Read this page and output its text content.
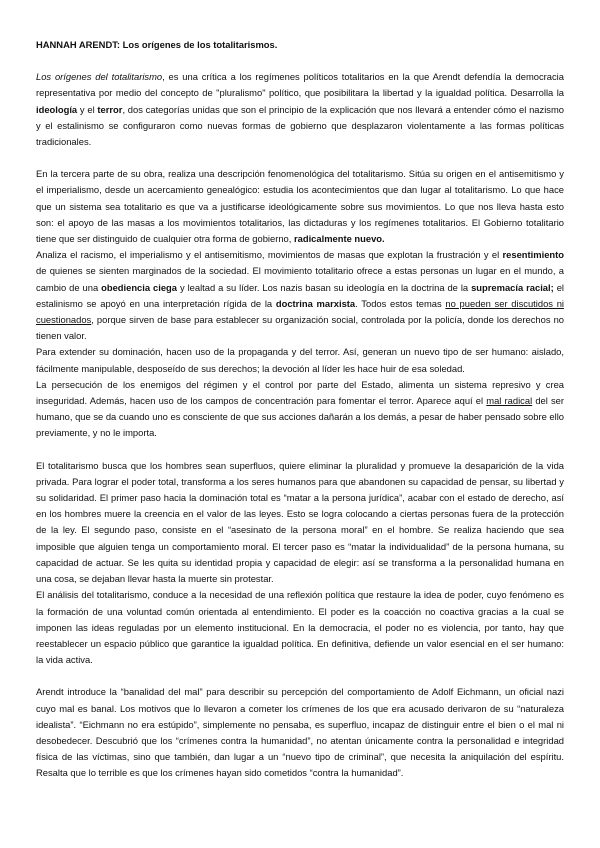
HANNAH ARENDT: Los orígenes de los totalitarismos.

Los orígenes del totalitarismo, es una crítica a los regímenes políticos totalitarios en la que Arendt defendía la democracia representativa por medio del concepto de "pluralismo" político, que posibilitara la libertad y la igualdad política. Desarrolla la ideología y el terror, dos categorías unidas que son el principio de la explicación que nos llevará a entender cómo el nazismo y el estalinismo se configuraron como nuevas formas de gobierno que desplazaron violentamente a las formas políticas tradicionales.

En la tercera parte de su obra, realiza una descripción fenomenológica del totalitarismo. Sitúa su origen en el antisemitismo y el imperialismo, desde un acercamiento genealógico: estudia los acontecimientos que dan lugar al totalitarismo. Lo que hace que un sistema sea totalitario es que va a justificarse ideológicamente sobre sus movimientos. Lo que nos lleva hasta esto son: el apoyo de las masas a los movimientos totalitarios, las dictaduras y los regímenes totalitarios. El Gobierno totalitario tiene que ser distinguido de cualquier otra forma de gobierno, radicalmente nuevo.

Analiza el racismo, el imperialismo y el antisemitismo, movimientos de masas que explotan la frustración y el resentimiento de quienes se sienten marginados de la sociedad. El movimiento totalitario ofrece a estas personas un lugar en el mundo, a cambio de una obediencia ciega y lealtad a su líder. Los nazis basan su ideología en la doctrina de la supremacía racial; el estalinismo se apoyó en una interpretación rígida de la doctrina marxista. Todos estos temas no pueden ser discutidos ni cuestionados, porque sirven de base para establecer su organización social, controlada por la policía, donde los derechos no tienen valor.

Para extender su dominación, hacen uso de la propaganda y del terror. Así, generan un nuevo tipo de ser humano: aislado, fácilmente manipulable, desposeído de sus derechos; la devoción al líder les hace huir de esa soledad.

La persecución de los enemigos del régimen y el control por parte del Estado, alimenta un sistema represivo y crea inseguridad. Además, hacen uso de los campos de concentración para fomentar el terror. Aparece aquí el mal radical del ser humano, que se da cuando uno es consciente de que sus acciones dañarán a los demás, a pesar de haber pensado sobre ello previamente, y no le importa.

El totalitarismo busca que los hombres sean superfluos, quiere eliminar la pluralidad y promueve la desaparición de la vida privada. Para lograr el poder total, transforma a los seres humanos para que abandonen su capacidad de pensar, su libertad y su solidaridad. El primer paso hacia la dominación total es “matar a la persona jurídica”, acabar con el estado de derecho, así en los hombres muere la creencia en el valor de las leyes. Esto se logra colocando a ciertas personas fuera de la protección de la ley. El segundo paso, consiste en el “asesinato de la persona moral” en el hombre. Se realiza haciendo que sea imposible que alguien tenga un comportamiento moral. El tercer paso es “matar la individualidad” de la persona humana, su capacidad de actuar. Se les quita su identidad propia y capacidad de elegir: así se transforma a la personalidad humana en una cosa, se dejaban llevar hasta la muerte sin protestar.

El análisis del totalitarismo, conduce a la necesidad de una reflexión política que restaure la idea de poder, cuyo fenómeno es la formación de una voluntad común orientada al entendimiento. El poder es la coacción no coactiva gracias a la cual se imponen las ideas reguladas por un elemento institucional. En la democracia, el poder no es violencia, por tanto, hay que reestablecer un espacio público que garantice la igualdad política. En definitiva, defiende un valor esencial en el ser humano: la vida activa.

Arendt introduce la “banalidad del mal” para describir su percepción del comportamiento de Adolf Eichmann, un oficial nazi cuyo mal es banal. Los motivos que lo llevaron a cometer los crímenes de los que era acusado derivaron de su “naturaleza idealista”. “Eichmann no era estúpido”, simplemente no pensaba, es superfluo, incapaz de distinguir entre el bien o el mal ni desobedecer. Descubrió que los “crímenes contra la humanidad”, no atentan únicamente contra la personalidad e integridad física de las víctimas, sino que también, dan lugar a un “nuevo tipo de criminal”, que necesita la aniquilación del espíritu. Resalta que lo terrible es que los crímenes hayan sido cometidos “contra la humanidad”.
